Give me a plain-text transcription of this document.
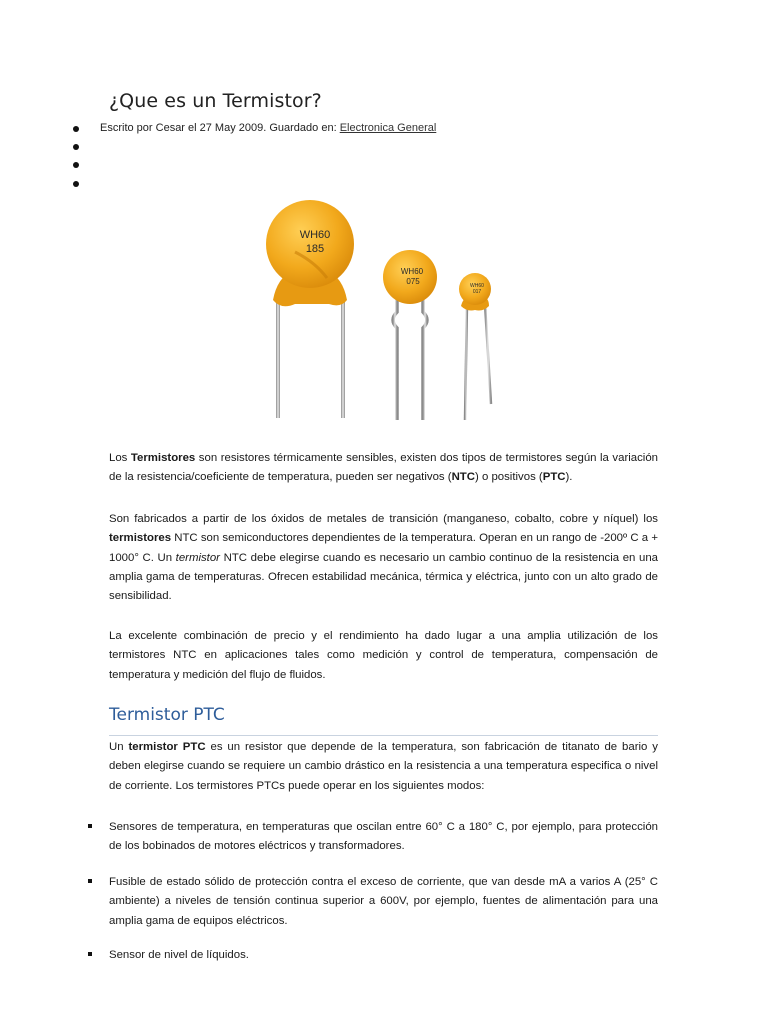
¿Que es un Termistor?
Escrito por Cesar el 27 May 2009. Guardado en: Electronica General
WH60
185
WH60
075	WH60
017

Los Termistores son resistores térmicamente sensibles, existen dos tipos de termistores según la variación de la resistencia/coeficiente de temperatura, pueden ser negativos (NTC) o positivos (PTC).

Son fabricados a partir de los óxidos de metales de transición (manganeso, cobalto, cobre y níquel) los termistores NTC son semiconductores dependientes de la temperatura. Operan en un rango de -200º C a + 1000° C. Un termistor NTC debe elegirse cuando es necesario un cambio continuo de la resistencia en una amplia gama de temperaturas. Ofrecen estabilidad mecánica, térmica y eléctrica, junto con un alto grado de sensibilidad.

La excelente combinación de precio y el rendimiento ha dado lugar a una amplia utilización de los termistores NTC en aplicaciones tales como medición y control de temperatura, compensación de temperatura y medición del flujo de fluidos.

Termistor PTC

Un termistor PTC es un resistor que depende de la temperatura, son fabricación de titanato de bario y deben elegirse cuando se requiere un cambio drástico en la resistencia a una temperatura especifica o nivel de corriente. Los termistores PTCs puede operar en los siguientes modos:

Sensores de temperatura, en temperaturas que oscilan entre 60° C a 180° C, por ejemplo, para protección de los bobinados de motores eléctricos y transformadores.

Fusible de estado sólido de protección contra el exceso de corriente, que van desde mA a varios A (25° C ambiente) a niveles de tensión continua superior a 600V, por ejemplo, fuentes de alimentación para una amplia gama de equipos eléctricos.

Sensor de nivel de líquidos.
